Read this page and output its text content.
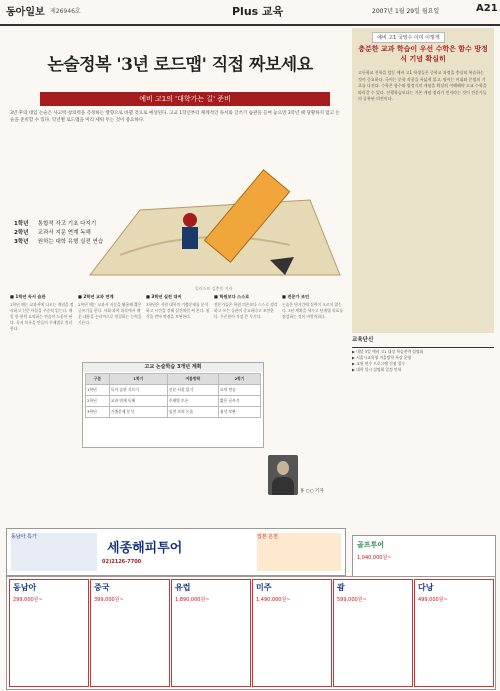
동아일보 제26946호	Plus 교육	2007년 1월 29일 월요일	A21
논술정복 '3년 로드맵' 직접 짜보세요
예비 고1의 '대학가는 길' 준비
3년 후의 대입 논술은 사고력·창의력을 측정하는 방향으로 바뀔 것으로 예상된다. 고교 1학년부터 체계적인 독서와 글쓰기 습관을 들여 놓으면 3학년 때 당황하지 않고 논술을 준비할 수 있다. 학년별 로드맵을 미리 세워 두는 것이 중요하다.
1학년 통합적 사고 기초 다지기
2학년 교과서 지문 연계 독해
3학년 원하는 대학 유형 실전 연습
일러스트 김충민 기자
예비 고1 국영수 이미 이렇게
충분한 교과 학습이 우선 수학은 함수 방정식 기념 확실히
고등학교 진학을 앞둔 예비 고1 학생들은 중학교 과정을 충실히 복습하는 것이 중요하다. 국어는 문학 작품을 폭넓게 읽고, 영어는 어휘와 문법의 기초를 다진다. 수학은 함수와 방정식의 개념을 확실히 이해해야 고교 수학을 따라갈 수 있다. 선행학습보다는 기본 개념 정리가 먼저라는 것이 전문가들의 공통된 의견이다.
■ 1학년 독서 습관
1학년 때는 교과서에 나오는 개념을 정리하고 신문 사설을 꾸준히 읽는다. 매일 한 편씩 요약하는 연습이 도움이 된다. 독서 목록을 만들어 주제별로 정리한다.
■ 2학년 교과 연계
2학년 때는 교과서 지문을 활용해 짧은 글쓰기를 한다. 사회·과학 과목에서 배운 내용을 논리적으로 연결하는 능력을 기른다.
■ 3학년 실전 대비
3학년은 지원 대학의 기출문제를 분석하고 시간을 정해 실전처럼 써 본다. 첨삭을 받아 약점을 보완한다.
■ 학원보다 스스로
전문가들은 학원 의존보다 스스로 생각하고 쓰는 습관이 중요하다고 조언한다. 꾸준함이 가장 큰 무기다.
■ 전문가 조언
논술은 단기간에 실력이 오르지 않는다. 3년 계획을 세우고 단계별 목표를 점검하는 것이 바람직하다.
고교 논술학습 3개년 계획
구분	1학기	여름방학	2학기
1학년	독서 습관 기르기	신문 사설 읽기	요약 연습
2학년	교과 연계 독해	주제별 토론	짧은 글쓰기
3학년	기출문제 분석	실전 모의 논술	첨삭 보완
홍 ○○ 기자
교육단신
▶ 내달 3일 예비 고1 대상 학습전략 설명회
▶ 서울시교육청 겨울방학 특강 운영
▶ 교원 연수 프로그램 신청 접수
▶ 대학 입시 설명회 일정 안내
동남아 특가
세종해피투어
02)2126-7700
일본 온천
골프투어
1,040,000원~
동남아
299,000원~
중국
399,000원~
유럽
1,890,000원~
미주
1,490,000원~
괌
599,000원~
다낭
499,000원~
